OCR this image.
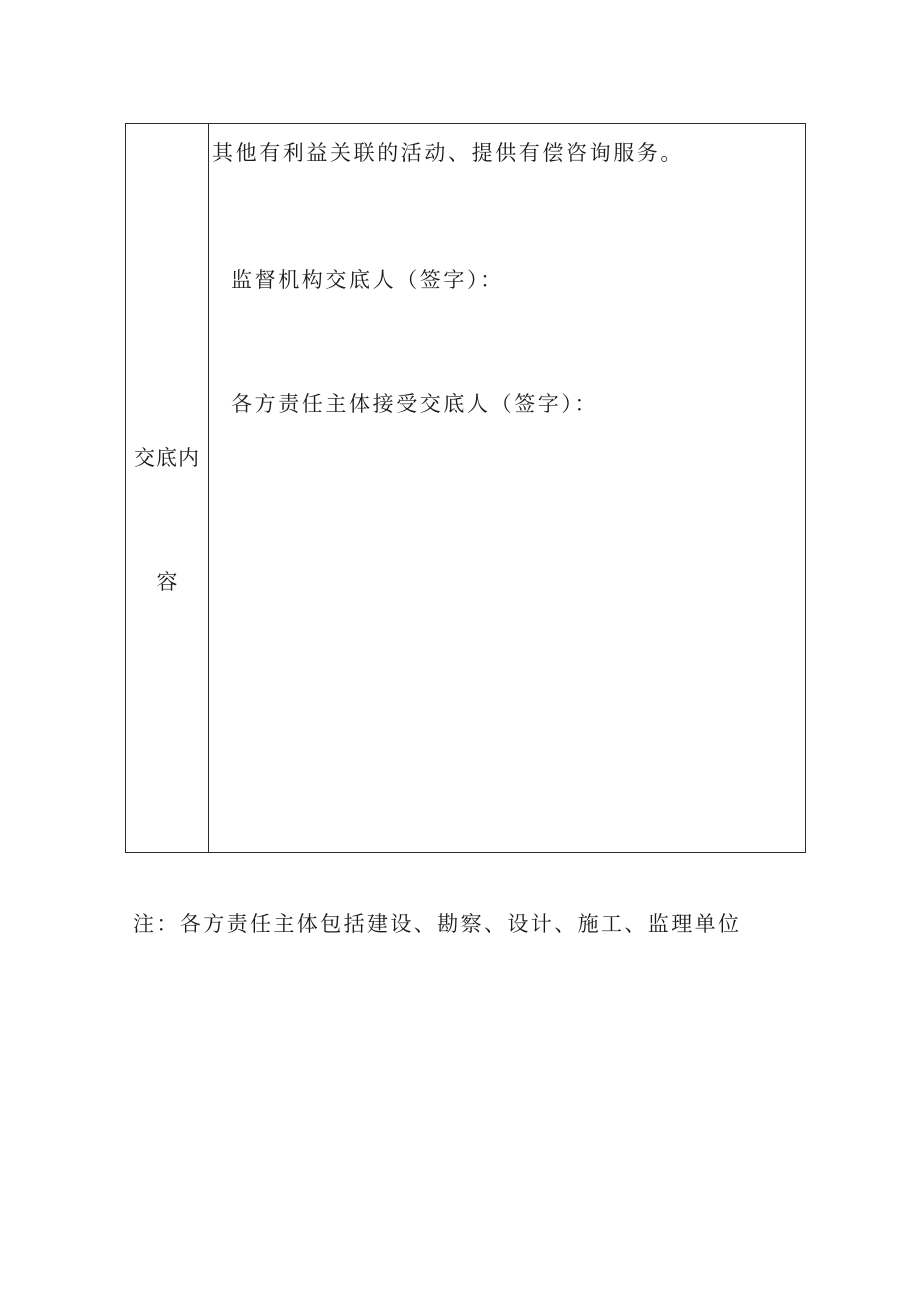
交底内
容
其他有利益关联的活动、提供有偿咨询服务。
监督机构交底人（签字）：
各方责任主体接受交底人（签字）：
注：各方责任主体包括建设、勘察、设计、施工、监理单位
